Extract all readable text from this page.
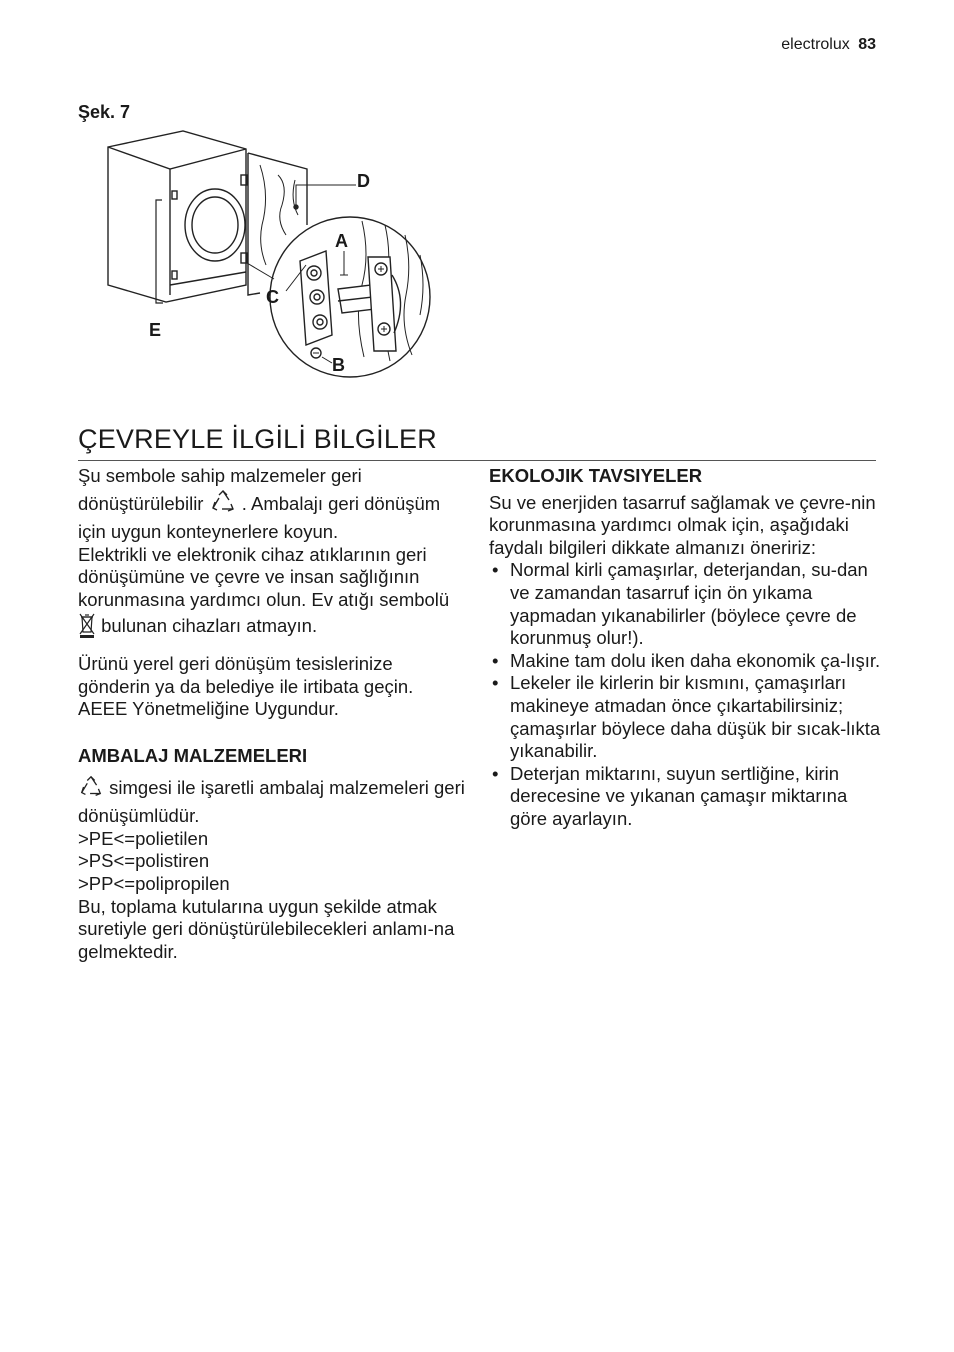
electrolux 83
Şek. 7
D
A
C
E
B
ÇEVREYLE İLGİLİ BİLGİLER

Şu sembole sahip malzemeler geri dönüştürülebilir . Ambalajı geri dönüşüm için uygun konteynerlere koyun.

Elektrikli ve elektronik cihaz atıklarının geri dönüşümüne ve çevre ve insan sağlığının korunmasına yardımcı olun. Ev atığı sembolü  bulunan cihazları atmayın.

Ürünü yerel geri dönüşüm tesislerinize gönderin ya da belediye ile irtibata geçin. AEEE Yönetmeliğine Uygundur.

AMBALAJ MALZEMELERI

simgesi ile işaretli ambalaj malzemeleri geri dönüşümlüdür.

>PE<=polietilen

>PS<=polistiren

>PP<=polipropilen

Bu, toplama kutularına uygun şekilde atmak suretiyle geri dönüştürülebilecekleri anlamı-na gelmektedir.

EKOLOJIK TAVSIYELER

Su ve enerjiden tasarruf sağlamak ve çevre-nin korunmasına yardımcı olmak için, aşağıdaki faydalı bilgileri dikkate almanızı öneririz:

• Normal kirli çamaşırlar, deterjandan, su-dan ve zamandan tasarruf için ön yıkama yapmadan yıkanabilirler (böylece çevre de korunmuş olur!).
• Makine tam dolu iken daha ekonomik ça-lışır.
• Lekeler ile kirlerin bir kısmını, çamaşırları makineye atmadan önce çıkartabilirsiniz; çamaşırlar böylece daha düşük bir sıcak-lıkta yıkanabilir.
• Deterjan miktarını, suyun sertliğine, kirin derecesine ve yıkanan çamaşır miktarına göre ayarlayın.
